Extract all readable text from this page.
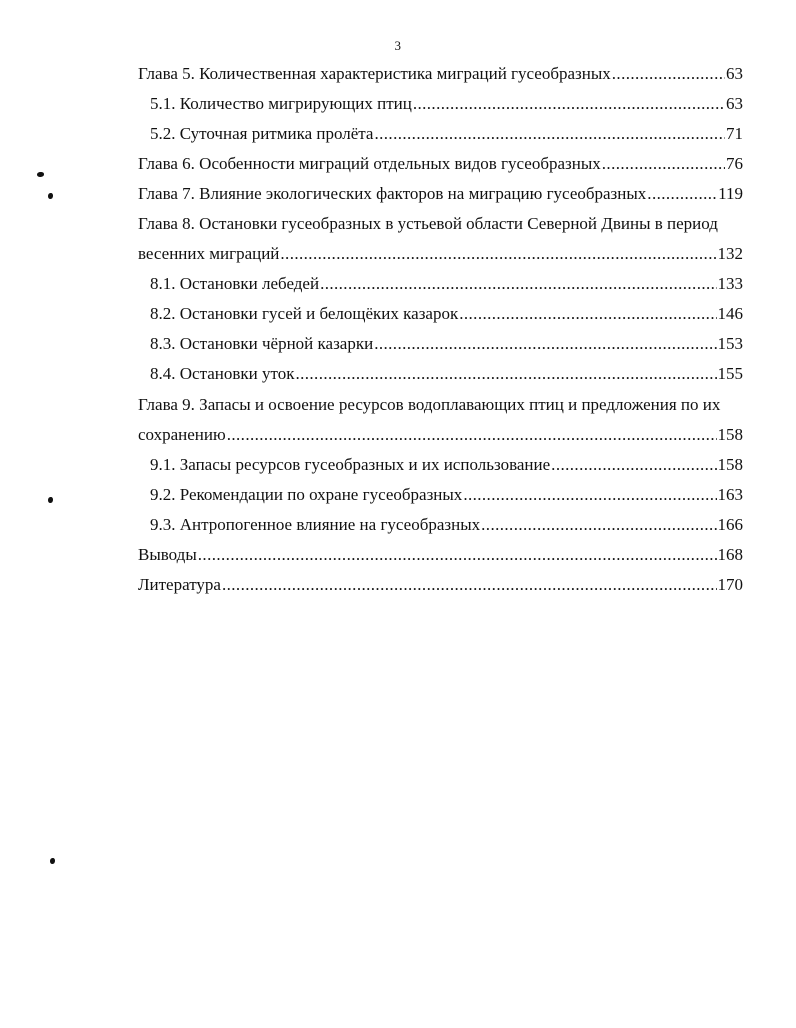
3
Глава 5. Количественная характеристика миграций гусеобразных .....	63
5.1. Количество мигрирующих птиц .....	63
5.2. Суточная ритмика пролёта .....	71
Глава 6. Особенности миграций отдельных видов гусеобразных .....	76
Глава 7. Влияние экологических факторов на миграцию гусеобразных .....	119
Глава 8. Остановки гусеобразных в устьевой области Северной Двины в период
весенних миграций .....	132
8.1. Остановки лебедей .....	133
8.2. Остановки гусей и белощёких казарок .....	146
8.3. Остановки чёрной казарки .....	153
8.4. Остановки уток .....	155
Глава 9. Запасы и освоение ресурсов водоплавающих птиц и предложения по их
сохранению .....	158
9.1. Запасы ресурсов гусеобразных и их использование .....	158
9.2. Рекомендации по охране гусеобразных .....	163
9.3. Антропогенное влияние на гусеобразных .....	166
Выводы .....	168
Литература .....	170
